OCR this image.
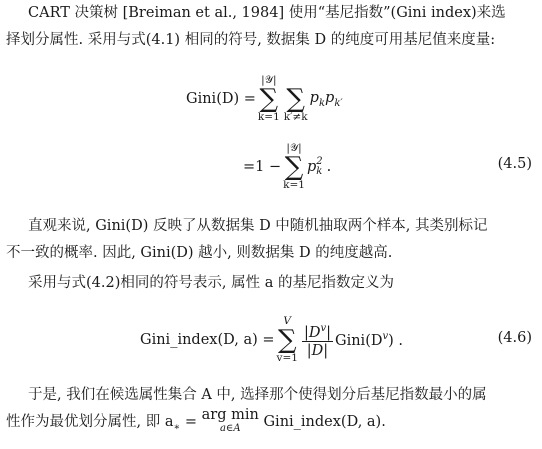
CART 决策树 [Breiman et al., 1984] 使用“基尼指数”(Gini index)来选
择划分属性. 采用与式(4.1) 相同的符号, 数据集 D 的纯度可用基尼值来度量:

Gini(D) =
|𝒴|
∑
k=1

∑
k′≠k
$p_kp_{k'}$
=1 −
|𝒴|
∑
k=1
p 2
k .	(4.5)

直观来说, Gini(D) 反映了从数据集 D 中随机抽取两个样本, 其类别标记
不一致的概率. 因此, Gini(D) 越小, 则数据集 D 的纯度越高.

采用与式(4.2)相同的符号表示, 属性 a 的基尼指数定义为

Gini_index(D, a) =
V
∑
$v=1 \frac{|D^v|}{|D|}$ $Gini(D^v)$ .	(4.6)

于是, 我们在候选属性集合 A 中, 选择那个使得划分后基尼指数最小的属
性作为最优划分属性, 即 $a_∗$ = arg min
a∈A Gini_index(D, a).
